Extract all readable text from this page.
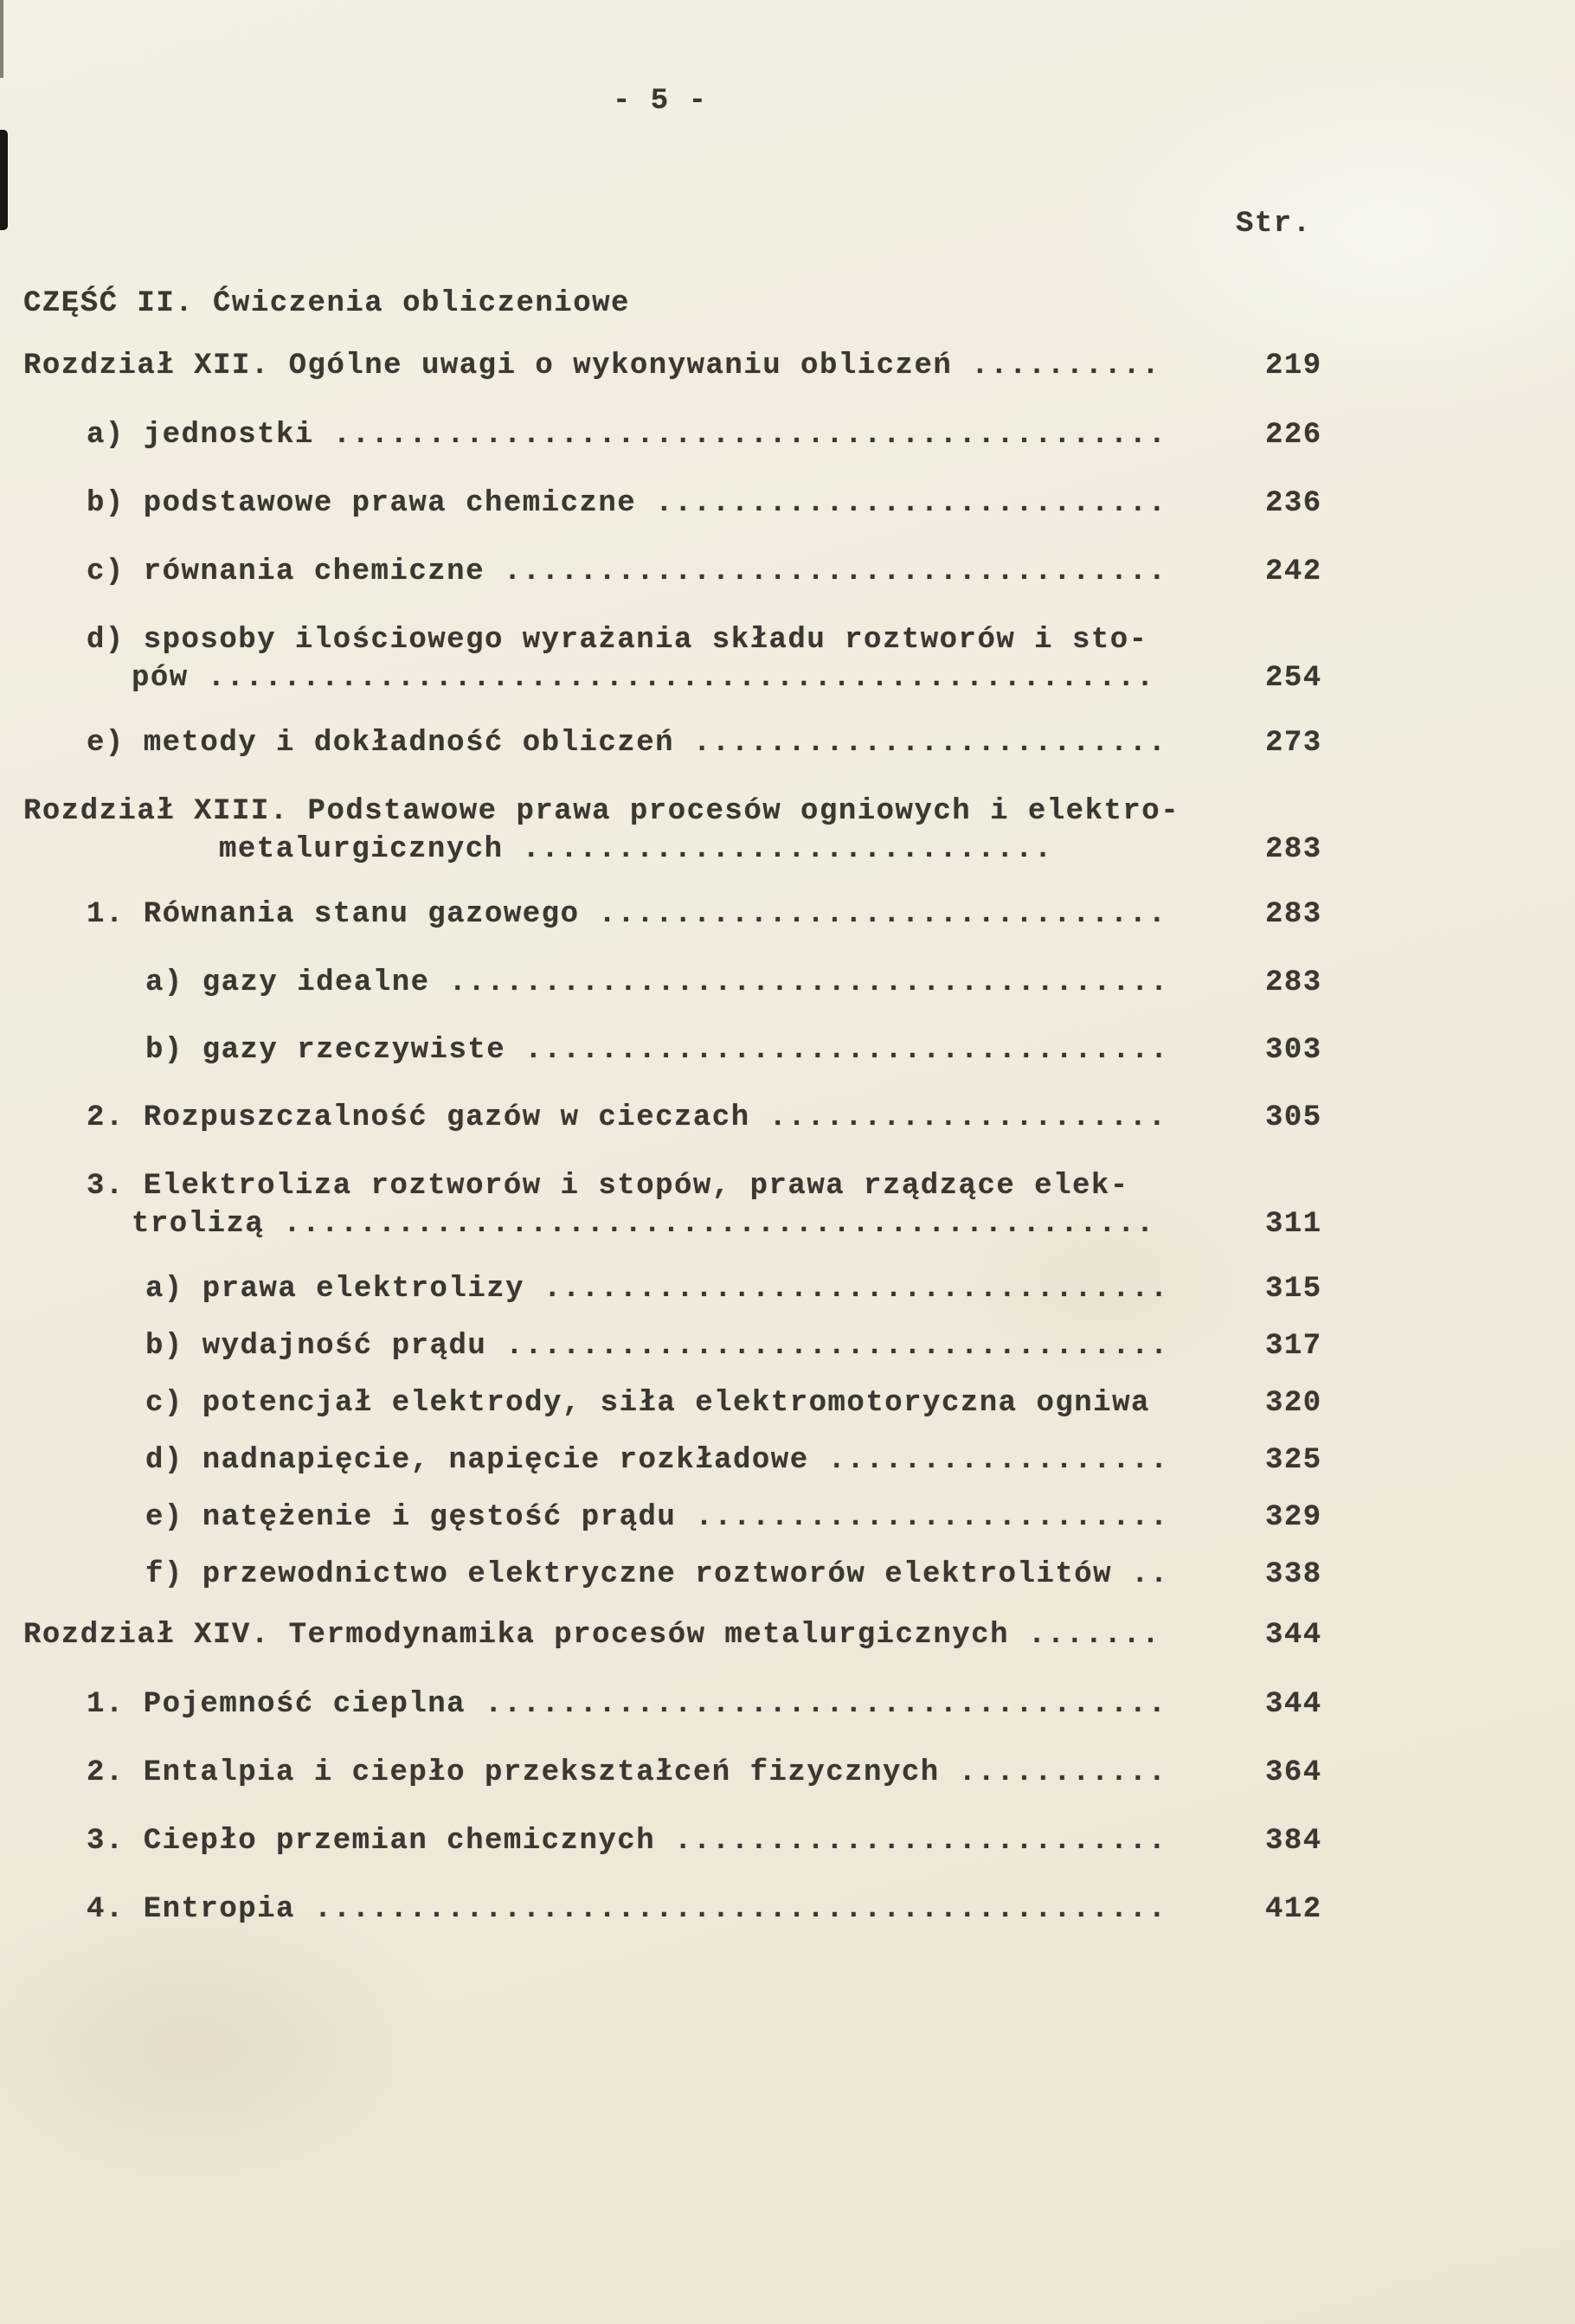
- 5 -
Str.
CZĘŚĆ II. Ćwiczenia obliczeniowe
Rozdział XII. Ogólne uwagi o wykonywaniu obliczeń ..........	219
a) jednostki ............................................	226
b) podstawowe prawa chemiczne ...........................	236
c) równania chemiczne ...................................	242
d) sposoby ilościowego wyrażania składu roztworów i sto-
pów ..................................................	254
e) metody i dokładność obliczeń .........................	273
Rozdział XIII. Podstawowe prawa procesów ogniowych i elektro-
metalurgicznych ............................	283
1. Równania stanu gazowego ..............................	283
a) gazy idealne ......................................	283
b) gazy rzeczywiste ..................................	303
2. Rozpuszczalność gazów w cieczach .....................	305
3. Elektroliza roztworów i stopów, prawa rządzące elek-
trolizą ..............................................	311
a) prawa elektrolizy .................................	315
b) wydajność prądu ...................................	317
c) potencjał elektrody, siła elektromotoryczna ogniwa	320
d) nadnapięcie, napięcie rozkładowe ..................	325
e) natężenie i gęstość prądu .........................	329
f) przewodnictwo elektryczne roztworów elektrolitów ..	338
Rozdział XIV. Termodynamika procesów metalurgicznych .......	344
1. Pojemność cieplna ....................................	344
2. Entalpia i ciepło przekształceń fizycznych ...........	364
3. Ciepło przemian chemicznych ..........................	384
4. Entropia .............................................	412
